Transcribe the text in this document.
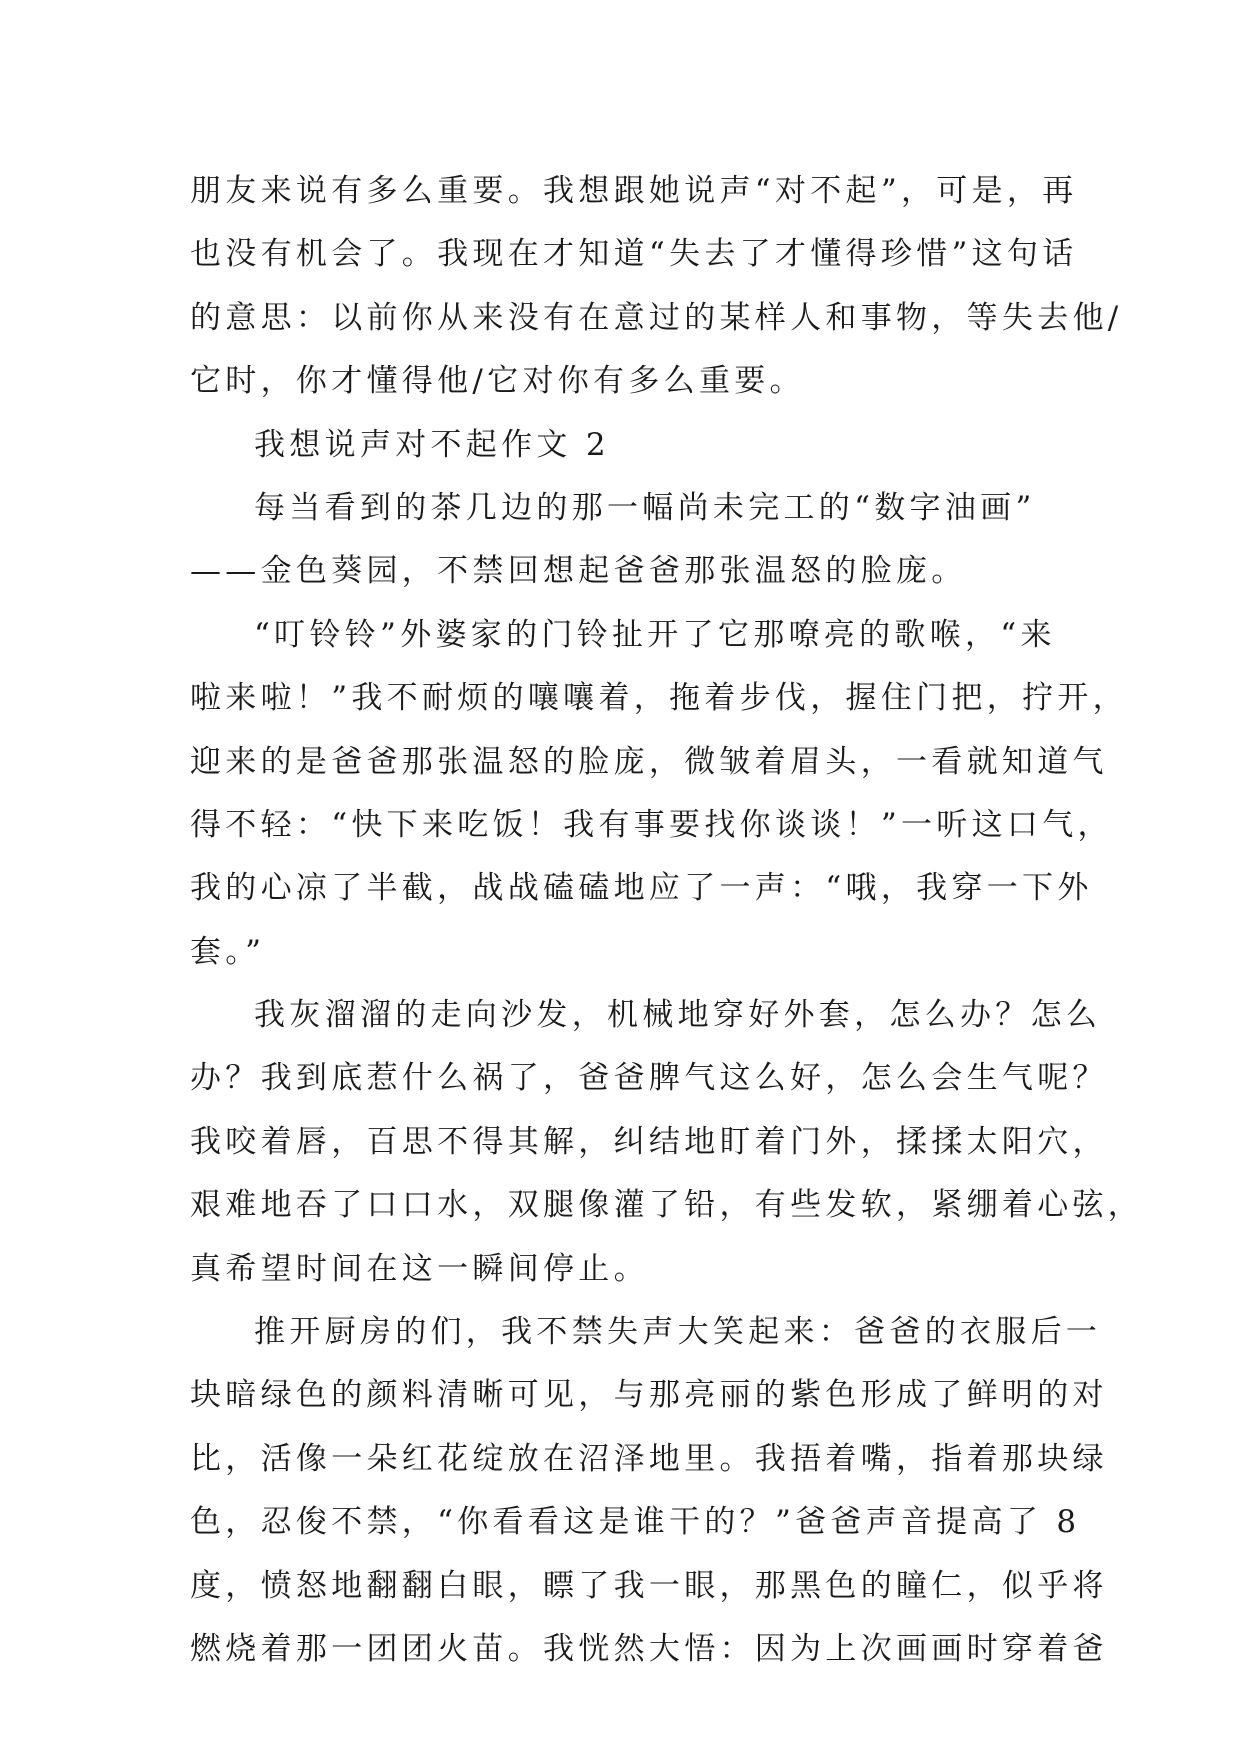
朋友来说有多么重要。我想跟她说声“对不起”，可是，再
也没有机会了。我现在才知道“失去了才懂得珍惜”这句话
的意思：以前你从来没有在意过的某样人和事物，等失去他/
它时，你才懂得他/它对你有多么重要。
我想说声对不起作文 2
每当看到的茶几边的那一幅尚未完工的“数字油画”
——金色葵园，不禁回想起爸爸那张温怒的脸庞。
“叮铃铃”外婆家的门铃扯开了它那嘹亮的歌喉，“来
啦来啦！”我不耐烦的嚷嚷着，拖着步伐，握住门把，拧开，
迎来的是爸爸那张温怒的脸庞，微皱着眉头，一看就知道气
得不轻：“快下来吃饭！我有事要找你谈谈！”一听这口气，
我的心凉了半截，战战磕磕地应了一声：“哦，我穿一下外
套。”
我灰溜溜的走向沙发，机械地穿好外套，怎么办？怎么
办？我到底惹什么祸了，爸爸脾气这么好，怎么会生气呢？
我咬着唇，百思不得其解，纠结地盯着门外，揉揉太阳穴，
艰难地吞了口口水，双腿像灌了铅，有些发软，紧绷着心弦，
真希望时间在这一瞬间停止。
推开厨房的们，我不禁失声大笑起来：爸爸的衣服后一
块暗绿色的颜料清晰可见，与那亮丽的紫色形成了鲜明的对
比，活像一朵红花绽放在沼泽地里。我捂着嘴，指着那块绿
色，忍俊不禁，“你看看这是谁干的？”爸爸声音提高了 8
度，愤怒地翻翻白眼，瞟了我一眼，那黑色的瞳仁，似乎将
燃烧着那一团团火苗。我恍然大悟：因为上次画画时穿着爸
